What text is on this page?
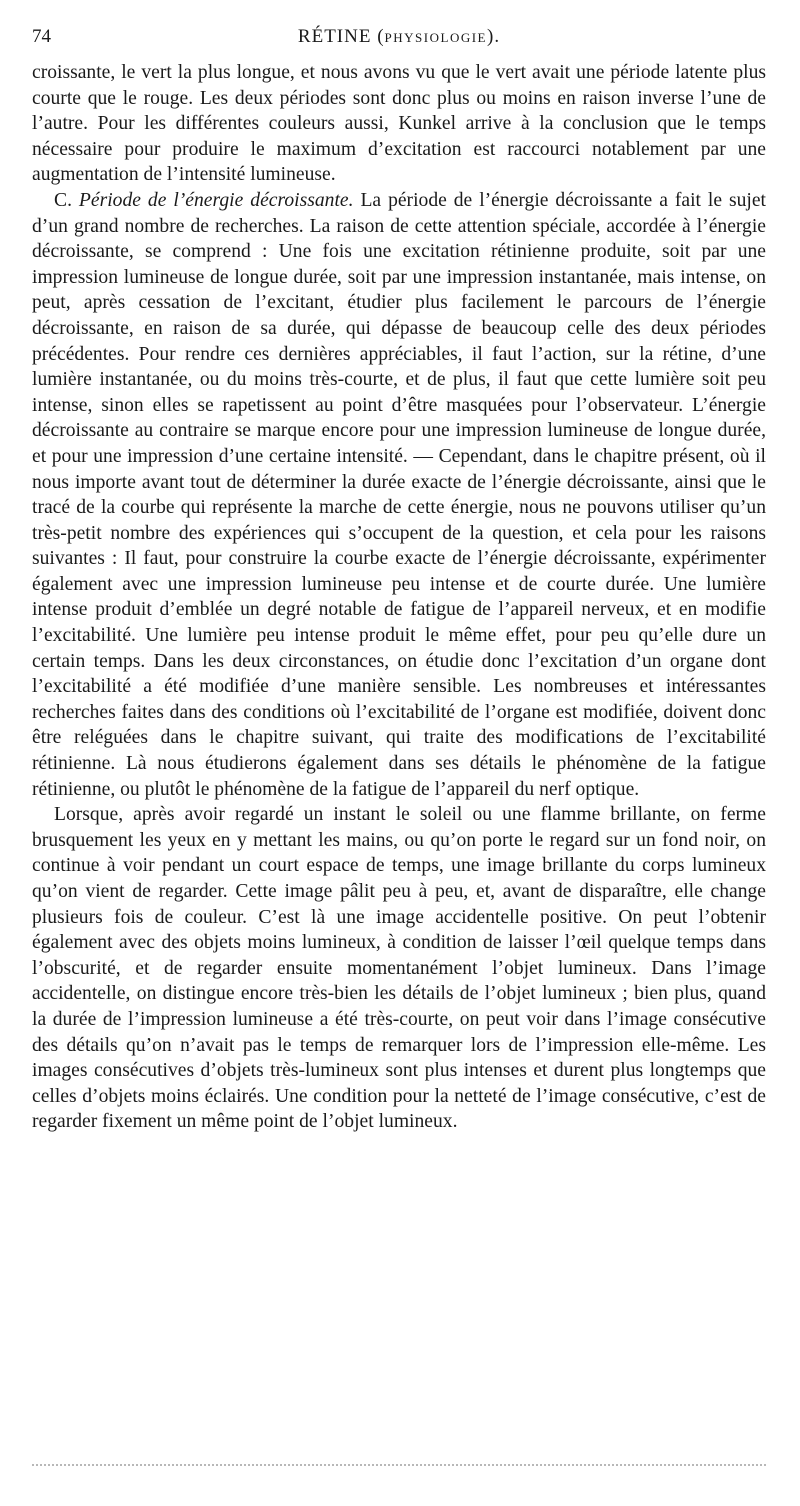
74	RÉTINE (PHYSIOLOGIE).

croissante, le vert la plus longue, et nous avons vu que le vert avait une période latente plus courte que le rouge. Les deux périodes sont donc plus ou moins en raison inverse l’une de l’autre. Pour les différentes couleurs aussi, Kunkel arrive à la conclusion que le temps nécessaire pour produire le maximum d’excitation est raccourci notablement par une augmentation de l’intensité lumineuse.

C. Période de l’énergie décroissante. La période de l’énergie décroissante a fait le sujet d’un grand nombre de recherches. La raison de cette attention spéciale, accordée à l’énergie décroissante, se comprend : Une fois une excitation rétinienne produite, soit par une impression lumineuse de longue durée, soit par une impression instantanée, mais intense, on peut, après cessation de l’excitant, étudier plus facilement le parcours de l’énergie décroissante, en raison de sa durée, qui dépasse de beaucoup celle des deux périodes précédentes. Pour rendre ces dernières appréciables, il faut l’action, sur la rétine, d’une lumière instantanée, ou du moins très-courte, et de plus, il faut que cette lumière soit peu intense, sinon elles se rapetissent au point d’être masquées pour l’observateur. L’énergie décroissante au contraire se marque encore pour une impression lumineuse de longue durée, et pour une impression d’une certaine intensité. — Cependant, dans le chapitre présent, où il nous importe avant tout de déterminer la durée exacte de l’énergie décroissante, ainsi que le tracé de la courbe qui représente la marche de cette énergie, nous ne pouvons utiliser qu’un très-petit nombre des expériences qui s’occupent de la question, et cela pour les raisons suivantes : Il faut, pour construire la courbe exacte de l’énergie décroissante, expérimenter également avec une impression lumineuse peu intense et de courte durée. Une lumière intense produit d’emblée un degré notable de fatigue de l’appareil nerveux, et en modifie l’excitabilité. Une lumière peu intense produit le même effet, pour peu qu’elle dure un certain temps. Dans les deux circonstances, on étudie donc l’excitation d’un organe dont l’excitabilité a été modifiée d’une manière sensible. Les nombreuses et intéressantes recherches faites dans des conditions où l’excitabilité de l’organe est modifiée, doivent donc être reléguées dans le chapitre suivant, qui traite des modifications de l’excitabilité rétinienne. Là nous étudierons également dans ses détails le phénomène de la fatigue rétinienne, ou plutôt le phénomène de la fatigue de l’appareil du nerf optique.

Lorsque, après avoir regardé un instant le soleil ou une flamme brillante, on ferme brusquement les yeux en y mettant les mains, ou qu’on porte le regard sur un fond noir, on continue à voir pendant un court espace de temps, une image brillante du corps lumineux qu’on vient de regarder. Cette image pâlit peu à peu, et, avant de disparaître, elle change plusieurs fois de couleur. C’est là une image accidentelle positive. On peut l’obtenir également avec des objets moins lumineux, à condition de laisser l’œil quelque temps dans l’obscurité, et de regarder ensuite momentanément l’objet lumineux. Dans l’image accidentelle, on distingue encore très-bien les détails de l’objet lumineux ; bien plus, quand la durée de l’impression lumineuse a été très-courte, on peut voir dans l’image consécutive des détails qu’on n’avait pas le temps de remarquer lors de l’impression elle-même. Les images consécutives d’objets très-lumineux sont plus intenses et durent plus longtemps que celles d’objets moins éclairés. Une condition pour la netteté de l’image consécutive, c’est de regarder fixement un même point de l’objet lumineux.
